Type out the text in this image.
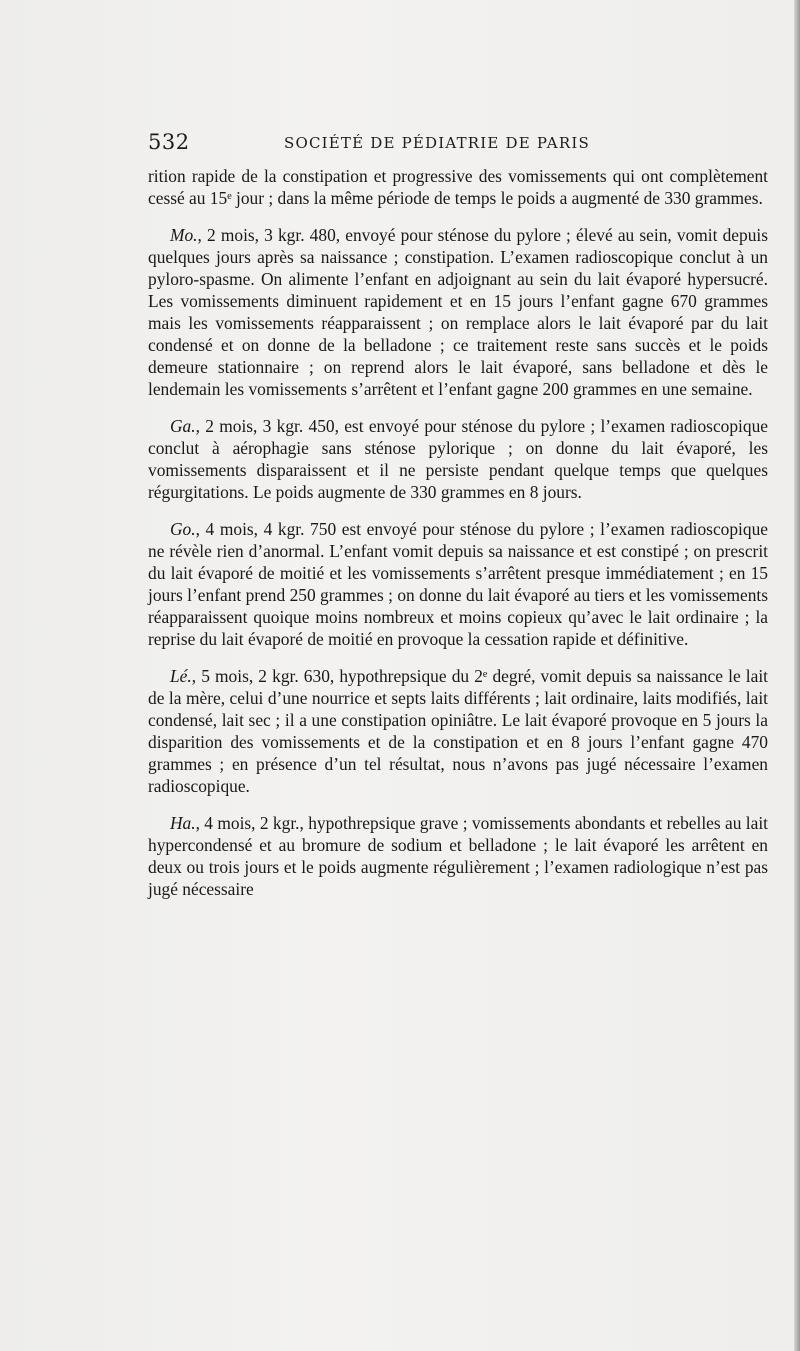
532	SOCIÉTÉ DE PÉDIATRIE DE PARIS

rition rapide de la constipation et progressive des vomissements qui ont complètement cessé au 15ᵉ jour ; dans la même période de temps le poids a augmenté de 330 grammes.

Mo., 2 mois, 3 kgr. 480, envoyé pour sténose du pylore ; élevé au sein, vomit depuis quelques jours après sa naissance ; constipation. L’examen radioscopique conclut à un pyloro-spasme. On alimente l’enfant en adjoignant au sein du lait évaporé hypersucré. Les vomissements diminuent rapidement et en 15 jours l’enfant gagne 670 grammes mais les vomissements réapparaissent ; on remplace alors le lait évaporé par du lait condensé et on donne de la belladone ; ce traitement reste sans succès et le poids demeure stationnaire ; on reprend alors le lait évaporé, sans belladone et dès le lendemain les vomissements s’arrêtent et l’enfant gagne 200 grammes en une semaine.

Ga., 2 mois, 3 kgr. 450, est envoyé pour sténose du pylore ; l’examen radioscopique conclut à aérophagie sans sténose pylorique ; on donne du lait évaporé, les vomissements disparaissent et il ne persiste pendant quelque temps que quelques régurgitations. Le poids augmente de 330 grammes en 8 jours.

Go., 4 mois, 4 kgr. 750 est envoyé pour sténose du pylore ; l’examen radioscopique ne révèle rien d’anormal. L’enfant vomit depuis sa naissance et est constipé ; on prescrit du lait évaporé de moitié et les vomissements s’arrêtent presque immédiatement ; en 15 jours l’enfant prend 250 grammes ; on donne du lait évaporé au tiers et les vomissements réapparaissent quoique moins nombreux et moins copieux qu’avec le lait ordinaire ; la reprise du lait évaporé de moitié en provoque la cessation rapide et définitive.

Lé., 5 mois, 2 kgr. 630, hypothrepsique du 2ᵉ degré, vomit depuis sa naissance le lait de la mère, celui d’une nourrice et septs laits différents ; lait ordinaire, laits modifiés, lait condensé, lait sec ; il a une constipation opiniâtre. Le lait évaporé provoque en 5 jours la disparition des vomissements et de la constipation et en 8 jours l’enfant gagne 470 grammes ; en présence d’un tel résultat, nous n’avons pas jugé nécessaire l’examen radioscopique.

Ha., 4 mois, 2 kgr., hypothrepsique grave ; vomissements abondants et rebelles au lait hypercondensé et au bromure de sodium et belladone ; le lait évaporé les arrêtent en deux ou trois jours et le poids augmente régulièrement ; l’examen radiologique n’est pas jugé nécessaire
